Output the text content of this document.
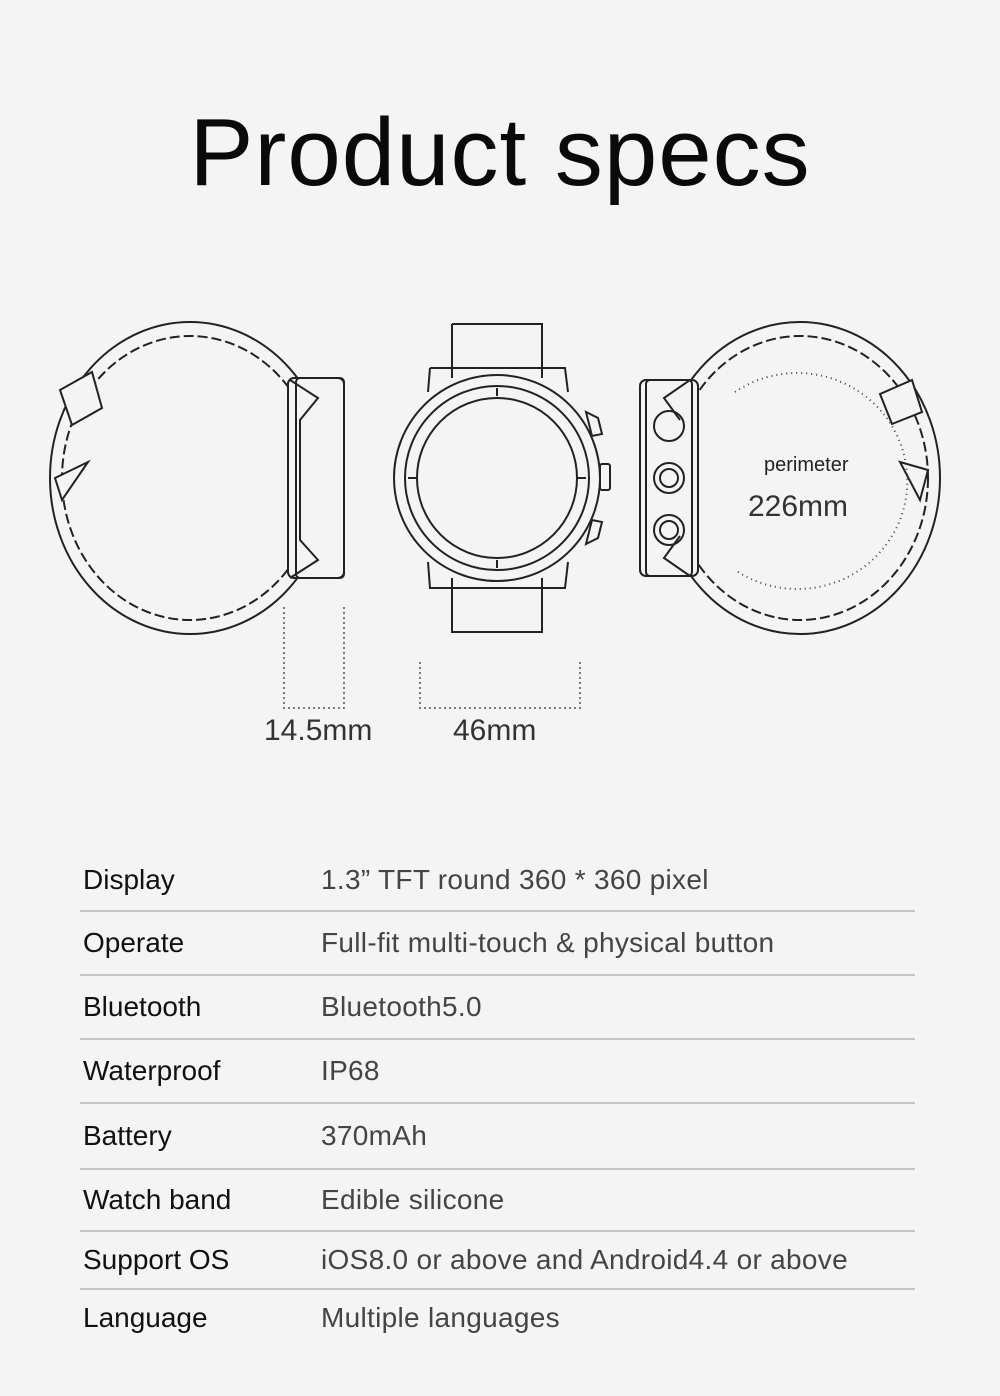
Product specs
14.5mm	46mm
perimeter
226mm
Display	1.3” TFT round 360 * 360 pixel
Operate	Full-fit multi-touch & physical button
Bluetooth	Bluetooth5.0
Waterproof	IP68
Battery	370mAh
Watch band	Edible silicone
Support OS	iOS8.0 or above and Android4.4 or above
Language	Multiple languages
